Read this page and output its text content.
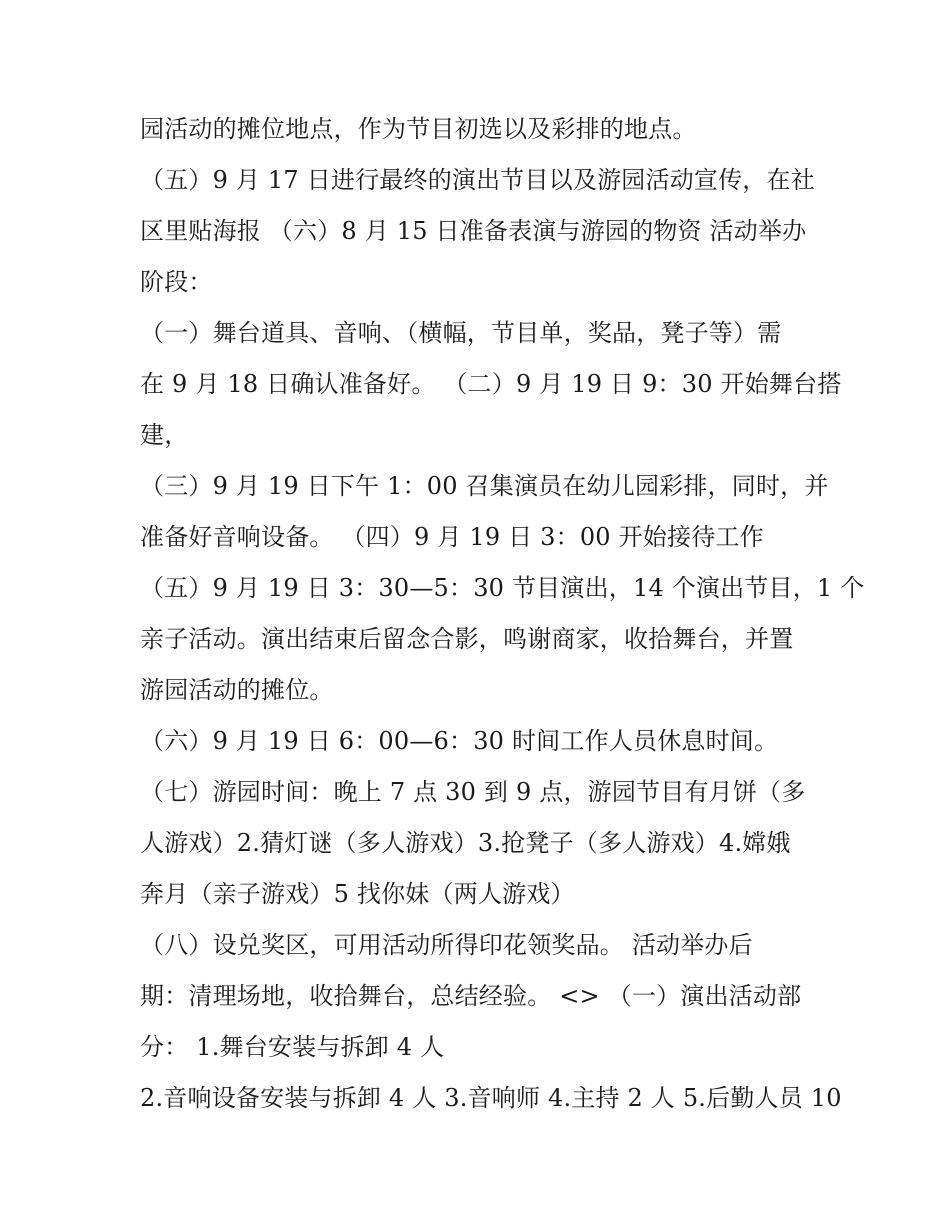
园活动的摊位地点，作为节目初选以及彩排的地点。
（五）9 月 17 日进行最终的演出节目以及游园活动宣传，在社
区里贴海报 （六）8 月 15 日准备表演与游园的物资 活动举办
阶段：
（一）舞台道具、音响、（横幅，节目单，奖品，凳子等）需
在 9 月 18 日确认准备好。 （二）9 月 19 日 9：30 开始舞台搭
建，
（三）9 月 19 日下午 1：00 召集演员在幼儿园彩排，同时，并
准备好音响设备。 （四）9 月 19 日 3：00 开始接待工作
（五）9 月 19 日 3：30—5：30 节目演出，14 个演出节目，1 个
亲子活动。演出结束后留念合影，鸣谢商家，收拾舞台，并置
游园活动的摊位。
（六）9 月 19 日 6：00—6：30 时间工作人员休息时间。
（七）游园时间：晚上 7 点 30 到 9 点，游园节目有月饼（多
人游戏）2.猜灯谜（多人游戏）3.抢凳子（多人游戏）4.嫦娥
奔月（亲子游戏）5 找你妹（两人游戏）
（八）设兑奖区，可用活动所得印花领奖品。 活动举办后
期：清理场地，收拾舞台，总结经验。 <> （一）演出活动部
分： 1.舞台安装与拆卸 4 人
2.音响设备安装与拆卸 4 人 3.音响师 4.主持 2 人 5.后勤人员 10
